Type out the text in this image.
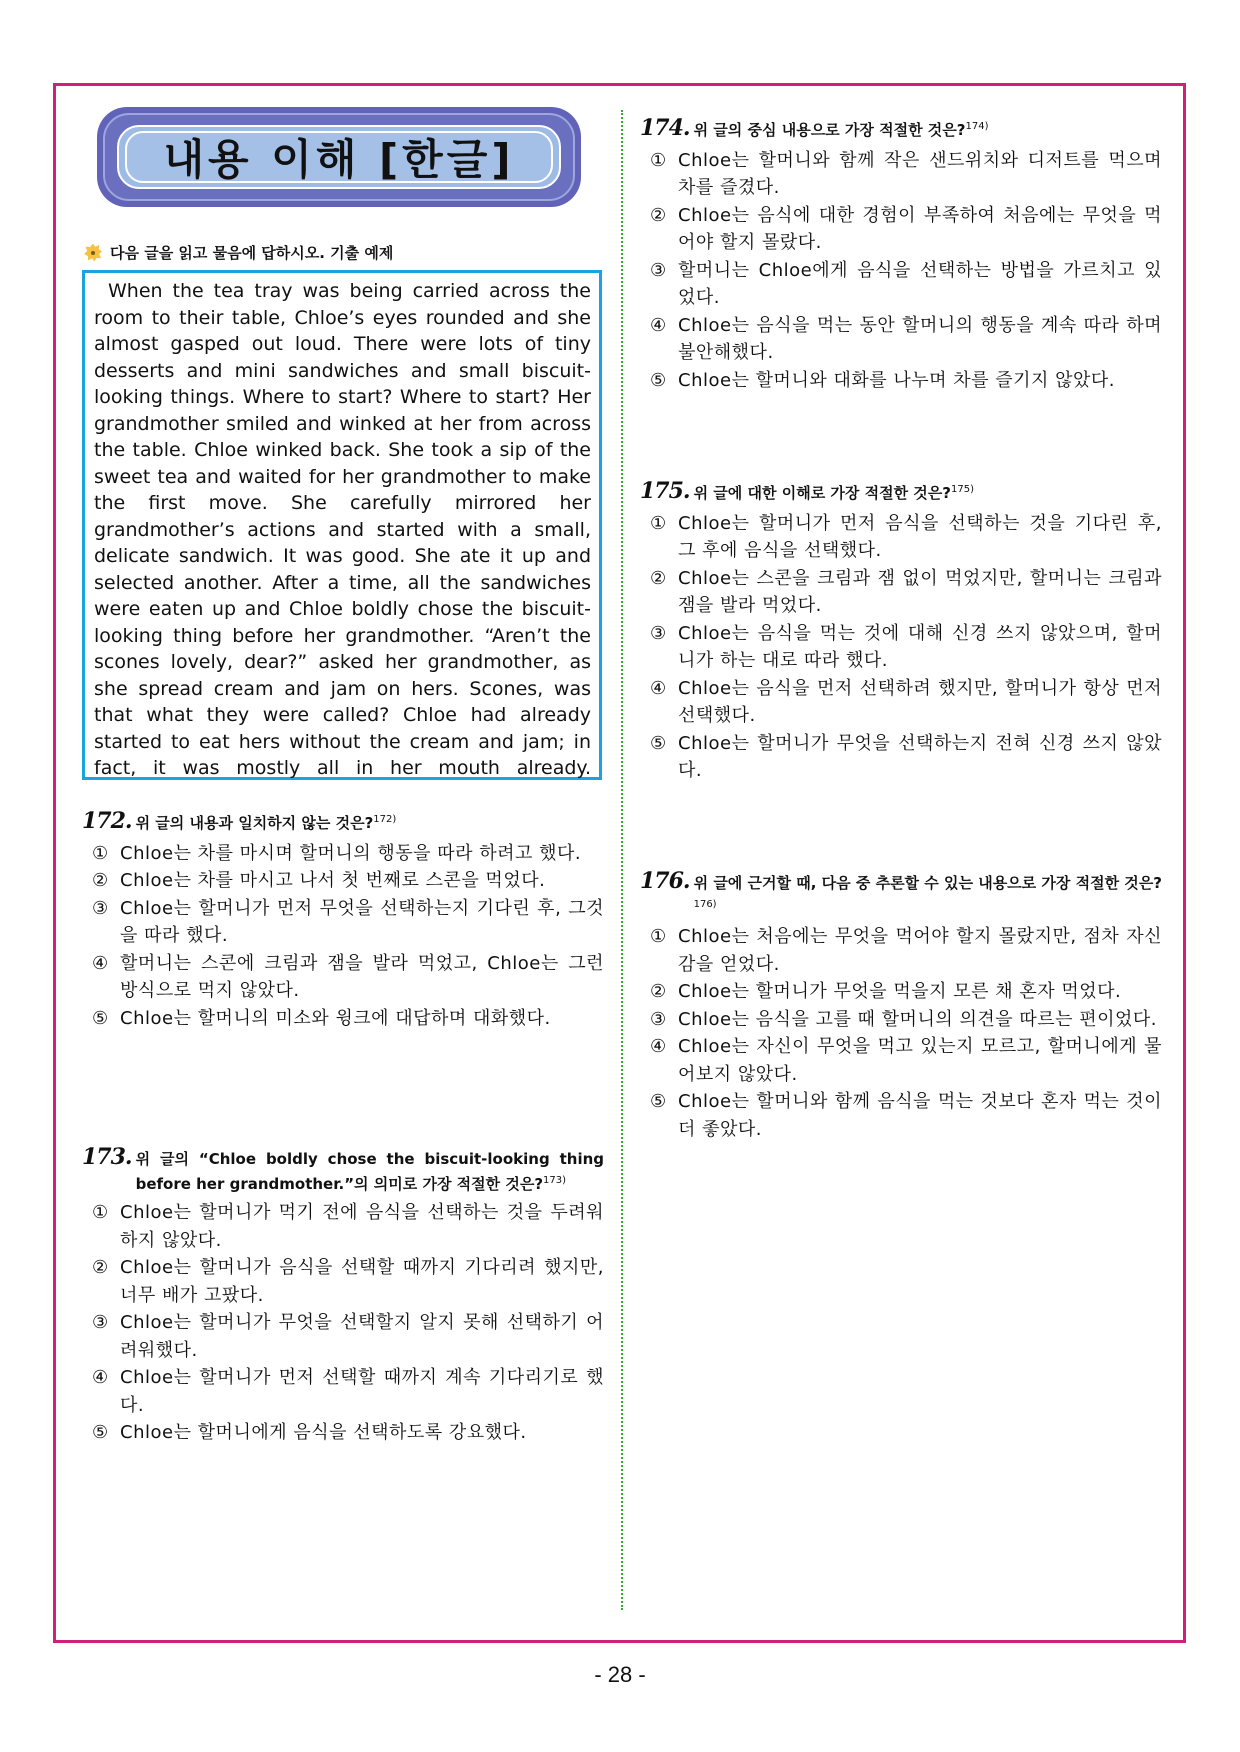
내용 이해 [한글]
다음 글을 읽고 물음에 답하시오. 기출 예제

When the tea tray was being carried across the room to their table, Chloe’s eyes rounded and she almost gasped out loud. There were lots of tiny desserts and mini sandwiches and small biscuit-looking things. Where to start? Where to start? Her grandmother smiled and winked at her from across the table. Chloe winked back. She took a sip of the sweet tea and waited for her grandmother to make the first move. She carefully mirrored her grandmother’s actions and started with a small, delicate sandwich. It was good. She ate it up and selected another. After a time, all the sandwiches were eaten up and Chloe boldly chose the biscuit-looking thing before her grandmother. “Aren’t the scones lovely, dear?” asked her grandmother, as she spread cream and jam on hers. Scones, was that what they were called? Chloe had already started to eat hers without the cream and jam; in fact, it was mostly all in her mouth already.

172. 위 글의 내용과 일치하지 않는 것은?$^{172)}$
① Chloe는 차를 마시며 할머니의 행동을 따라 하려고 했다.
② Chloe는 차를 마시고 나서 첫 번째로 스콘을 먹었다.
③ Chloe는 할머니가 먼저 무엇을 선택하는지 기다린 후, 그것을 따라 했다.
④ 할머니는 스콘에 크림과 잼을 발라 먹었고, Chloe는 그런 방식으로 먹지 않았다.
⑤ Chloe는 할머니의 미소와 윙크에 대답하며 대화했다.
173. 위 글의 “Chloe boldly chose the biscuit-looking thing before her grandmother.”의 의미로 가장 적절한 것은?$^{173)}$
① Chloe는 할머니가 먹기 전에 음식을 선택하는 것을 두려워하지 않았다.
② Chloe는 할머니가 음식을 선택할 때까지 기다리려 했지만, 너무 배가 고팠다.
③ Chloe는 할머니가 무엇을 선택할지 알지 못해 선택하기 어려워했다.
④ Chloe는 할머니가 먼저 선택할 때까지 계속 기다리기로 했다.
⑤ Chloe는 할머니에게 음식을 선택하도록 강요했다.
174. 위 글의 중심 내용으로 가장 적절한 것은?$^{174)}$
① Chloe는 할머니와 함께 작은 샌드위치와 디저트를 먹으며 차를 즐겼다.
② Chloe는 음식에 대한 경험이 부족하여 처음에는 무엇을 먹어야 할지 몰랐다.
③ 할머니는 Chloe에게 음식을 선택하는 방법을 가르치고 있었다.
④ Chloe는 음식을 먹는 동안 할머니의 행동을 계속 따라 하며 불안해했다.
⑤ Chloe는 할머니와 대화를 나누며 차를 즐기지 않았다.
175. 위 글에 대한 이해로 가장 적절한 것은?$^{175)}$
① Chloe는 할머니가 먼저 음식을 선택하는 것을 기다린 후, 그 후에 음식을 선택했다.
② Chloe는 스콘을 크림과 잼 없이 먹었지만, 할머니는 크림과 잼을 발라 먹었다.
③ Chloe는 음식을 먹는 것에 대해 신경 쓰지 않았으며, 할머니가 하는 대로 따라 했다.
④ Chloe는 음식을 먼저 선택하려 했지만, 할머니가 항상 먼저 선택했다.
⑤ Chloe는 할머니가 무엇을 선택하는지 전혀 신경 쓰지 않았다.
176. 위 글에 근거할 때, 다음 중 추론할 수 있는 내용으로 가장 적절한 것은?$^{176)}$
① Chloe는 처음에는 무엇을 먹어야 할지 몰랐지만, 점차 자신감을 얻었다.
② Chloe는 할머니가 무엇을 먹을지 모른 채 혼자 먹었다.
③ Chloe는 음식을 고를 때 할머니의 의견을 따르는 편이었다.
④ Chloe는 자신이 무엇을 먹고 있는지 모르고, 할머니에게 물어보지 않았다.
⑤ Chloe는 할머니와 함께 음식을 먹는 것보다 혼자 먹는 것이 더 좋았다.
- 28 -
